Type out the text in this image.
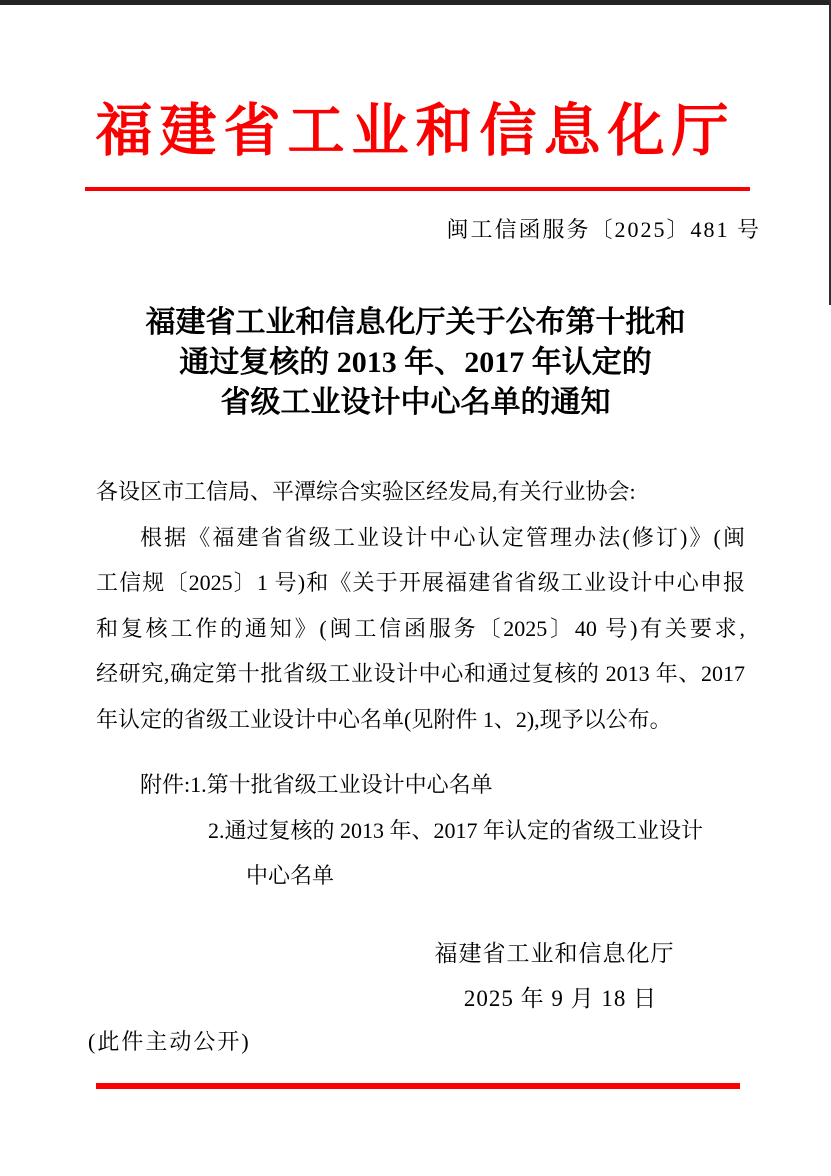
福建省工业和信息化厅
闽工信函服务〔2025〕481 号
福建省工业和信息化厅关于公布第十批和
通过复核的 2013 年、2017 年认定的
省级工业设计中心名单的通知
各设区市工信局、平潭综合实验区经发局,有关行业协会:
根据《福建省省级工业设计中心认定管理办法(修订)》(闽
工信规〔2025〕1 号)和《关于开展福建省省级工业设计中心申报
和复核工作的通知》(闽工信函服务〔2025〕40 号)有关要求,
经研究,确定第十批省级工业设计中心和通过复核的 2013 年、2017
年认定的省级工业设计中心名单(见附件 1、2),现予以公布。
附件:1.第十批省级工业设计中心名单
2.通过复核的 2013 年、2017 年认定的省级工业设计
中心名单
福建省工业和信息化厅
2025 年 9 月 18 日
(此件主动公开)
